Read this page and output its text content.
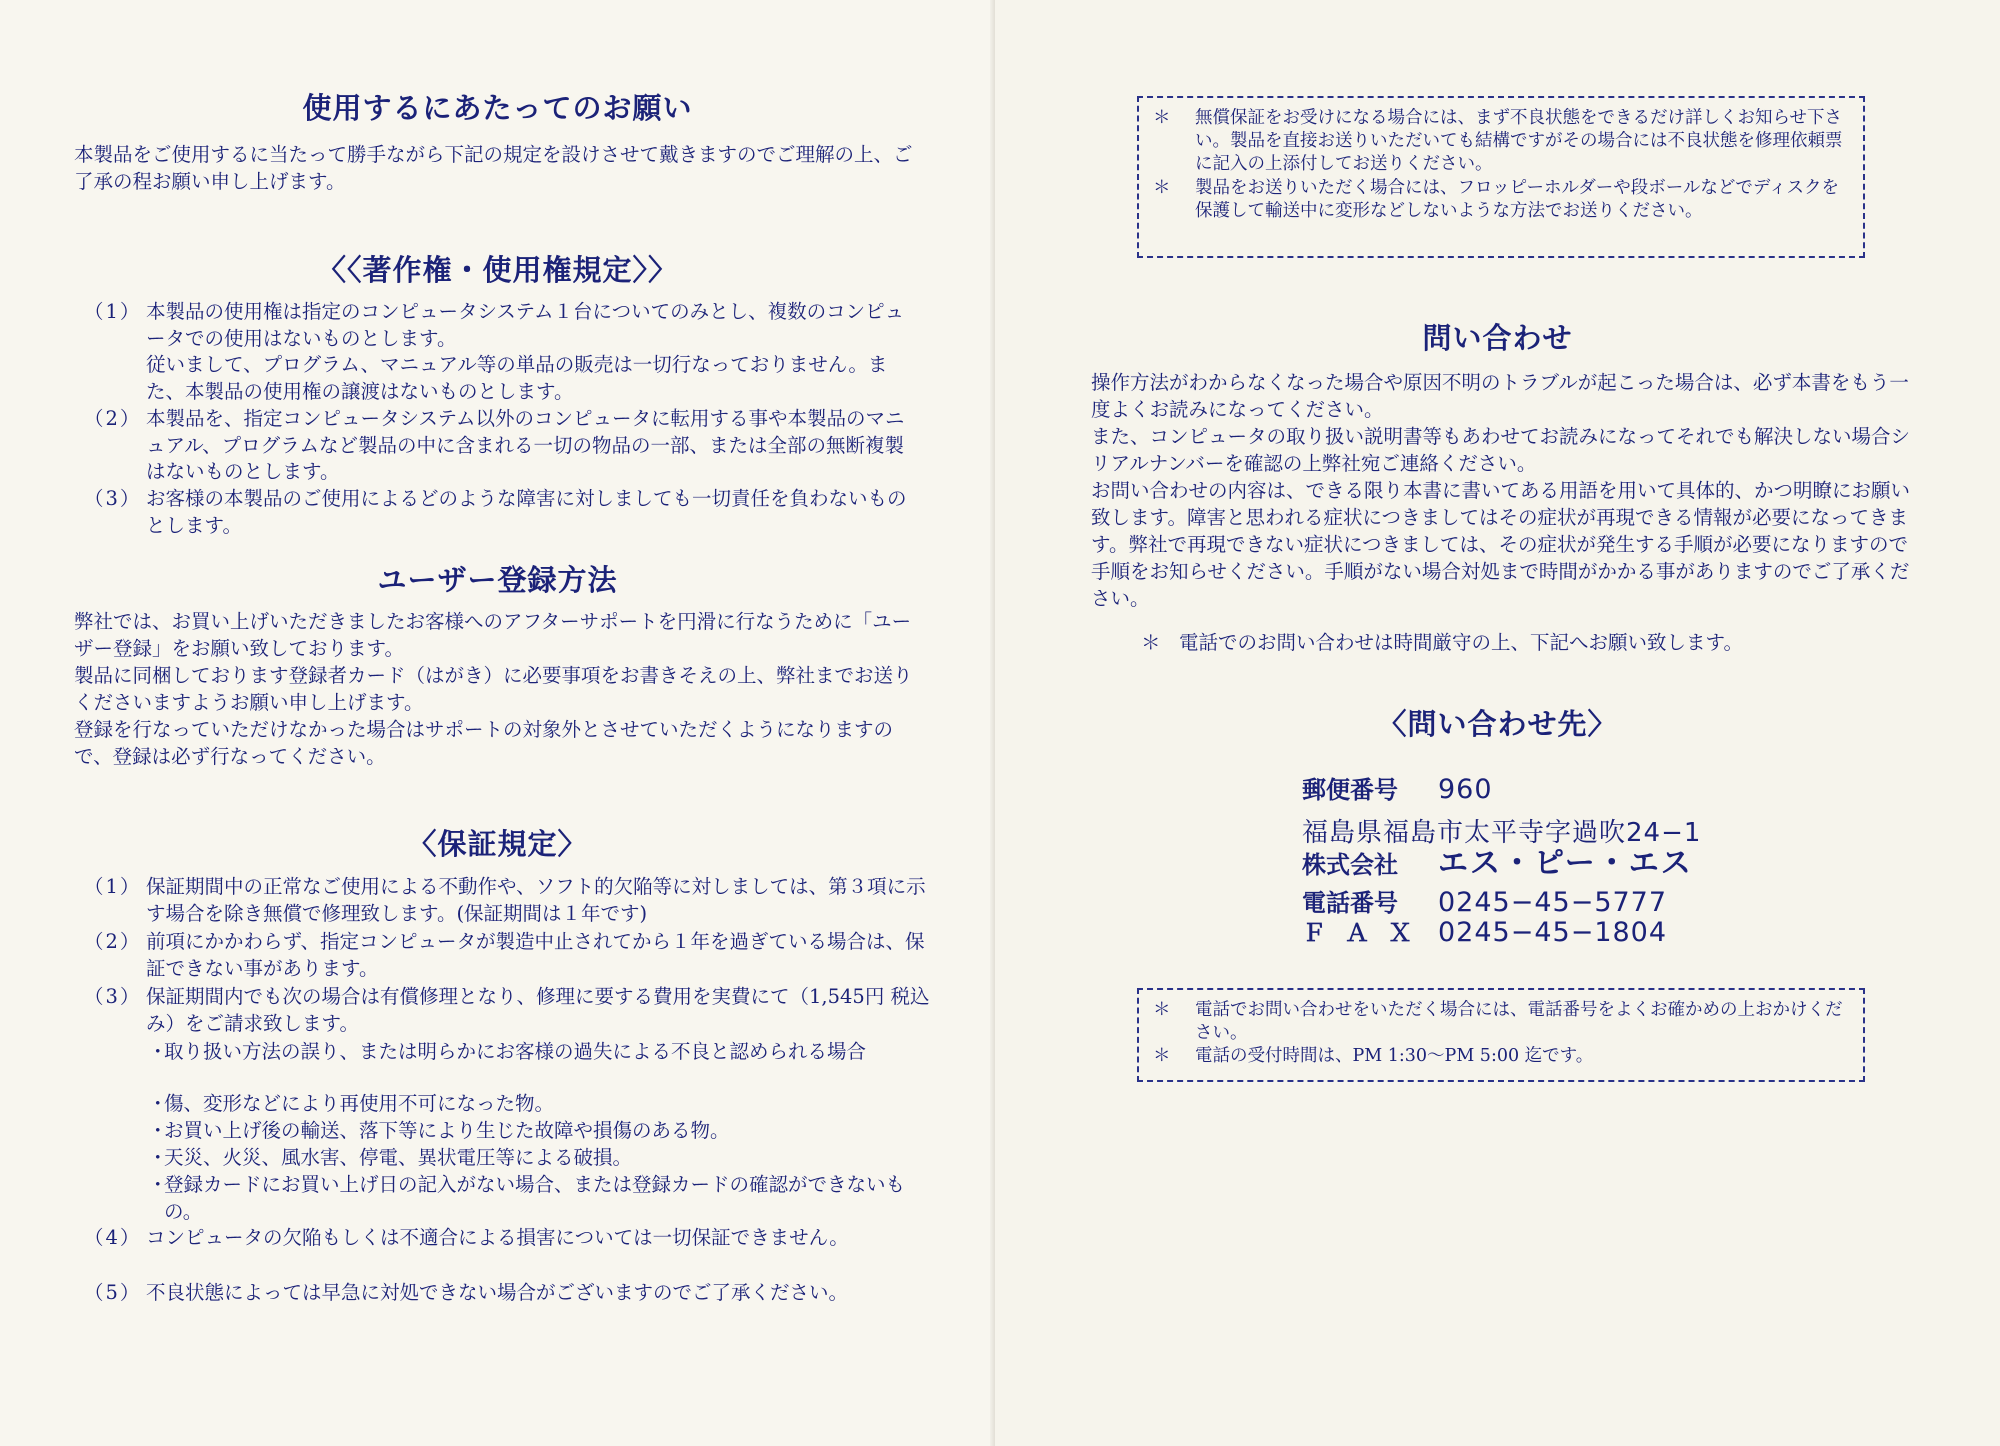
使用するにあたってのお願い

本製品をご使用するに当たって勝手ながら下記の規定を設けさせて戴きますのでご理解の上、ご了承の程お願い申し上げます。

〈〈著作権・使用権規定〉〉
（1） 本製品の使用権は指定のコンピュータシステム１台についてのみとし、複数のコンピュータでの使用はないものとします。
従いまして、プログラム、マニュアル等の単品の販売は一切行なっておりません。また、本製品の使用権の譲渡はないものとします。
（2） 本製品を、指定コンピュータシステム以外のコンピュータに転用する事や本製品のマニュアル、プログラムなど製品の中に含まれる一切の物品の一部、または全部の無断複製はないものとします。
（3） お客様の本製品のご使用によるどのような障害に対しましても一切責任を負わないものとします。
ユーザー登録方法

弊社では、お買い上げいただきましたお客様へのアフターサポートを円滑に行なうために「ユーザー登録」をお願い致しております。
製品に同梱しております登録者カード（はがき）に必要事項をお書きそえの上、弊社までお送りくださいますようお願い申し上げます。
登録を行なっていただけなかった場合はサポートの対象外とさせていただくようになりますので、登録は必ず行なってください。

〈保証規定〉
（1） 保証期間中の正常なご使用による不動作や、ソフト的欠陥等に対しましては、第３項に示す場合を除き無償で修理致します。(保証期間は１年です)
（2） 前項にかかわらず、指定コンピュータが製造中止されてから１年を過ぎている場合は、保証できない事があります。
（3） 保証期間内でも次の場合は有償修理となり、修理に要する費用を実費にて（1,545円 税込み）をご請求致します。
・
取り扱い方法の誤り、または明らかにお客様の過失による不良と認められる場合
・
傷、変形などにより再使用不可になった物。
・
お買い上げ後の輸送、落下等により生じた故障や損傷のある物。
・
天災、火災、風水害、停電、異状電圧等による破損。
・
登録カードにお買い上げ日の記入がない場合、または登録カードの確認ができないもの。
（4） コンピュータの欠陥もしくは不適合による損害については一切保証できません。
（5） 不良状態によっては早急に対処できない場合がございますのでご了承ください。
＊ 無償保証をお受けになる場合には、まず不良状態をできるだけ詳しくお知らせ下さい。製品を直接お送りいただいても結構ですがその場合には不良状態を修理依頼票に記入の上添付してお送りください。
＊ 製品をお送りいただく場合には、フロッピーホルダーや段ボールなどでディスクを保護して輸送中に変形などしないような方法でお送りください。
問い合わせ

操作方法がわからなくなった場合や原因不明のトラブルが起こった場合は、必ず本書をもう一度よくお読みになってください。
また、コンピュータの取り扱い説明書等もあわせてお読みになってそれでも解決しない場合シリアルナンバーを確認の上弊社宛ご連絡ください。
お問い合わせの内容は、できる限り本書に書いてある用語を用いて具体的、かつ明瞭にお願い致します。障害と思われる症状につきましてはその症状が再現できる情報が必要になってきます。弊社で再現できない症状につきましては、その症状が発生する手順が必要になりますので手順をお知らせください。手順がない場合対処まで時間がかかる事がありますのでご了承ください。

＊ 電話でのお問い合わせは時間厳守の上、下記へお願い致します。
〈問い合わせ先〉
郵便番号 960
福島県福島市太平寺字過吹24−1
株式会社 エス・ピー・エス
電話番号 0245−45−5777
ＦＡＸ 0245−45−1804
＊ 電話でお問い合わせをいただく場合には、電話番号をよくお確かめの上おかけください。
＊ 電話の受付時間は、PM 1:30〜PM 5:00 迄です。
